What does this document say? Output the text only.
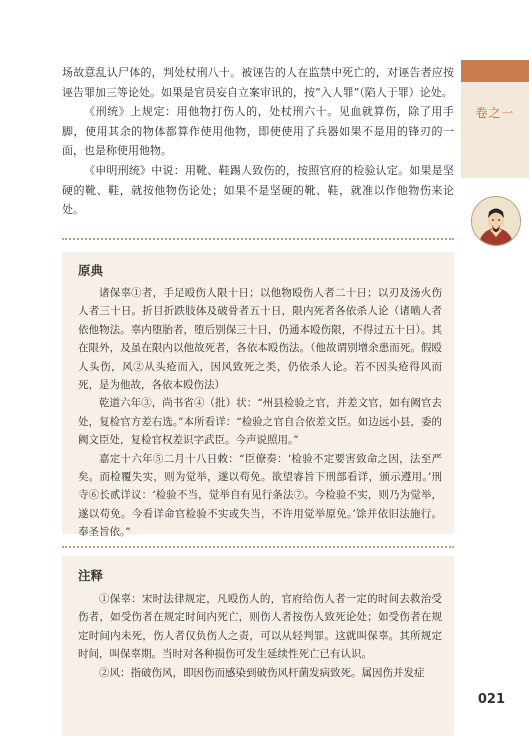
卷之一

场故意乱认尸体的，判处杖刑八十。被诬告的人在监禁中死亡的，对诬告者应按诬告罪加三等论处。如果是官员妄自立案审讯的，按“入人罪”（陷人于罪）论处。

《刑统》上规定：用他物打伤人的，处杖刑六十。见血就算伤，除了用手脚，使用其余的物体都算作使用他物，即使使用了兵器如果不是用的锋刃的一面，也是称使用他物。

《申明刑统》中说：用靴、鞋踢人致伤的，按照官府的检验认定。如果是坚硬的靴、鞋，就按他物伤论处；如果不是坚硬的靴、鞋，就准以作他物伤来论处。

原典

诸保辜①者，手足殴伤人限十日；以他物殴伤人者二十日；以刃及汤火伤人者三十日。折目折跌肢体及破骨者五十日，限内死者各依杀人论（诸啮人者依他物法。辜内堕胎者，堕后别保三十日，仍通本殴伤限，不得过五十日）。其在限外，及虽在限内以他故死者，各依本殴伤法。（他故谓别增余患而死。假殴人头伤，风②从头疮而入，因风致死之类，仍依杀人论。若不因头疮得风而死，是为他故，各依本殴伤法）

乾道六年③，尚书省④（批）状：“州县检验之官，并差文官，如有阙官去处，复检官方差右选。”本所看详：“检验之官自合依差文臣。如边远小县，委的阙文臣处，复检官权差识字武臣。今声说照用。”

嘉定十六年⑤二月十八日敕：“臣僚奏：‘检验不定要害致命之因，法至严矣。而检覆失实，则为觉举，遂以苟免。欲望睿旨下刑部看详，颁示遵用。’刑寺⑥长贰详议：‘检验不当，觉举自有见行条法⑦。今检验不实，则乃为觉举，遂以苟免。今看详命官检验不实或失当，不许用觉举原免。’馀并依旧法施行。奉圣旨依。”

注释

①保辜：宋时法律规定，凡殴伤人的，官府给伤人者一定的时间去救治受伤者，如受伤者在规定时间内死亡，则伤人者按伤人致死论处；如受伤者在规定时间内未死，伤人者仅负伤人之责，可以从轻判罪。这就叫保辜。其所规定时间，叫保辜期。当时对各种损伤可发生延续性死亡已有认识。

②风：指破伤风，即因伤而感染到破伤风杆菌发病致死。属因伤并发症

021
